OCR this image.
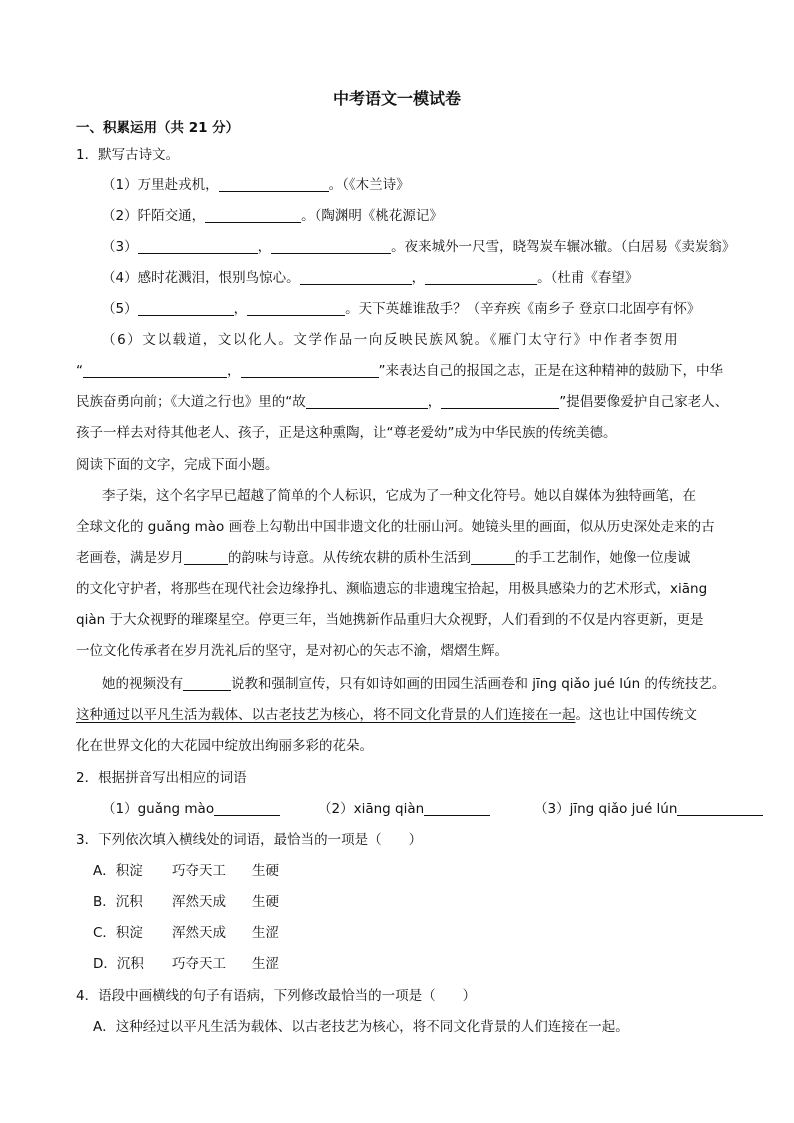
中考语文一模试卷
一、积累运用（共 21 分）
1．默写古诗文。
（1）万里赴戎机，	。（《木兰诗》
（2）阡陌交通，	。（陶渊明《桃花源记》
（3）	，	。夜来城外一尺雪，晓驾炭车辗冰辙。（白居易《卖炭翁》
（4）感时花溅泪，恨别鸟惊心。	，	。（杜甫《春望》
（5）	，	。天下英雄谁敌手？（辛弃疾《南乡子 登京口北固亭有怀》
（6）文以载道，文以化人。文学作品一向反映民族风貌。《雁门太守行》中作者李贺用
“	，	”来表达自己的报国之志，正是在这种精神的鼓励下，中华
民族奋勇向前；《大道之行也》里的“故	，	”提倡要像爱护自己家老人、
孩子一样去对待其他老人、孩子，正是这种熏陶，让“尊老爱幼”成为中华民族的传统美德。
阅读下面的文字，完成下面小题。
李子柒，这个名字早已超越了简单的个人标识，它成为了一种文化符号。她以自媒体为独特画笔，在
全球文化的 guǎng mào 画卷上勾勒出中国非遗文化的壮丽山河。她镜头里的画面，似从历史深处走来的古
老画卷，满是岁月	的韵味与诗意。从传统农耕的质朴生活到	的手工艺制作，她像一位虔诚
的文化守护者，将那些在现代社会边缘挣扎、濒临遗忘的非遗瑰宝拾起，用极具感染力的艺术形式，xiāng
qiàn 于大众视野的璀璨星空。停更三年，当她携新作品重归大众视野，人们看到的不仅是内容更新，更是
一位文化传承者在岁月洗礼后的坚守，是对初心的矢志不渝，熠熠生辉。
她的视频没有	说教和强制宣传，只有如诗如画的田园生活画卷和 jīng qiǎo jué lún 的传统技艺。
这种通过以平凡生活为载体、以古老技艺为核心，将不同文化背景的人们连接在一起。这也让中国传统文
化在世界文化的大花园中绽放出绚丽多彩的花朵。
2．根据拼音写出相应的词语
（1）guǎng mào	（2）xiāng qiàn	（3）jīng qiǎo jué lún
3．下列依次填入横线处的词语，最恰当的一项是（　　）
A．积淀 巧夺天工 生硬
B．沉积 浑然天成 生硬
C．积淀 浑然天成 生涩
D．沉积 巧夺天工 生涩
4．语段中画横线的句子有语病，下列修改最恰当的一项是（　　）
A．这种经过以平凡生活为载体、以古老技艺为核心，将不同文化背景的人们连接在一起。
